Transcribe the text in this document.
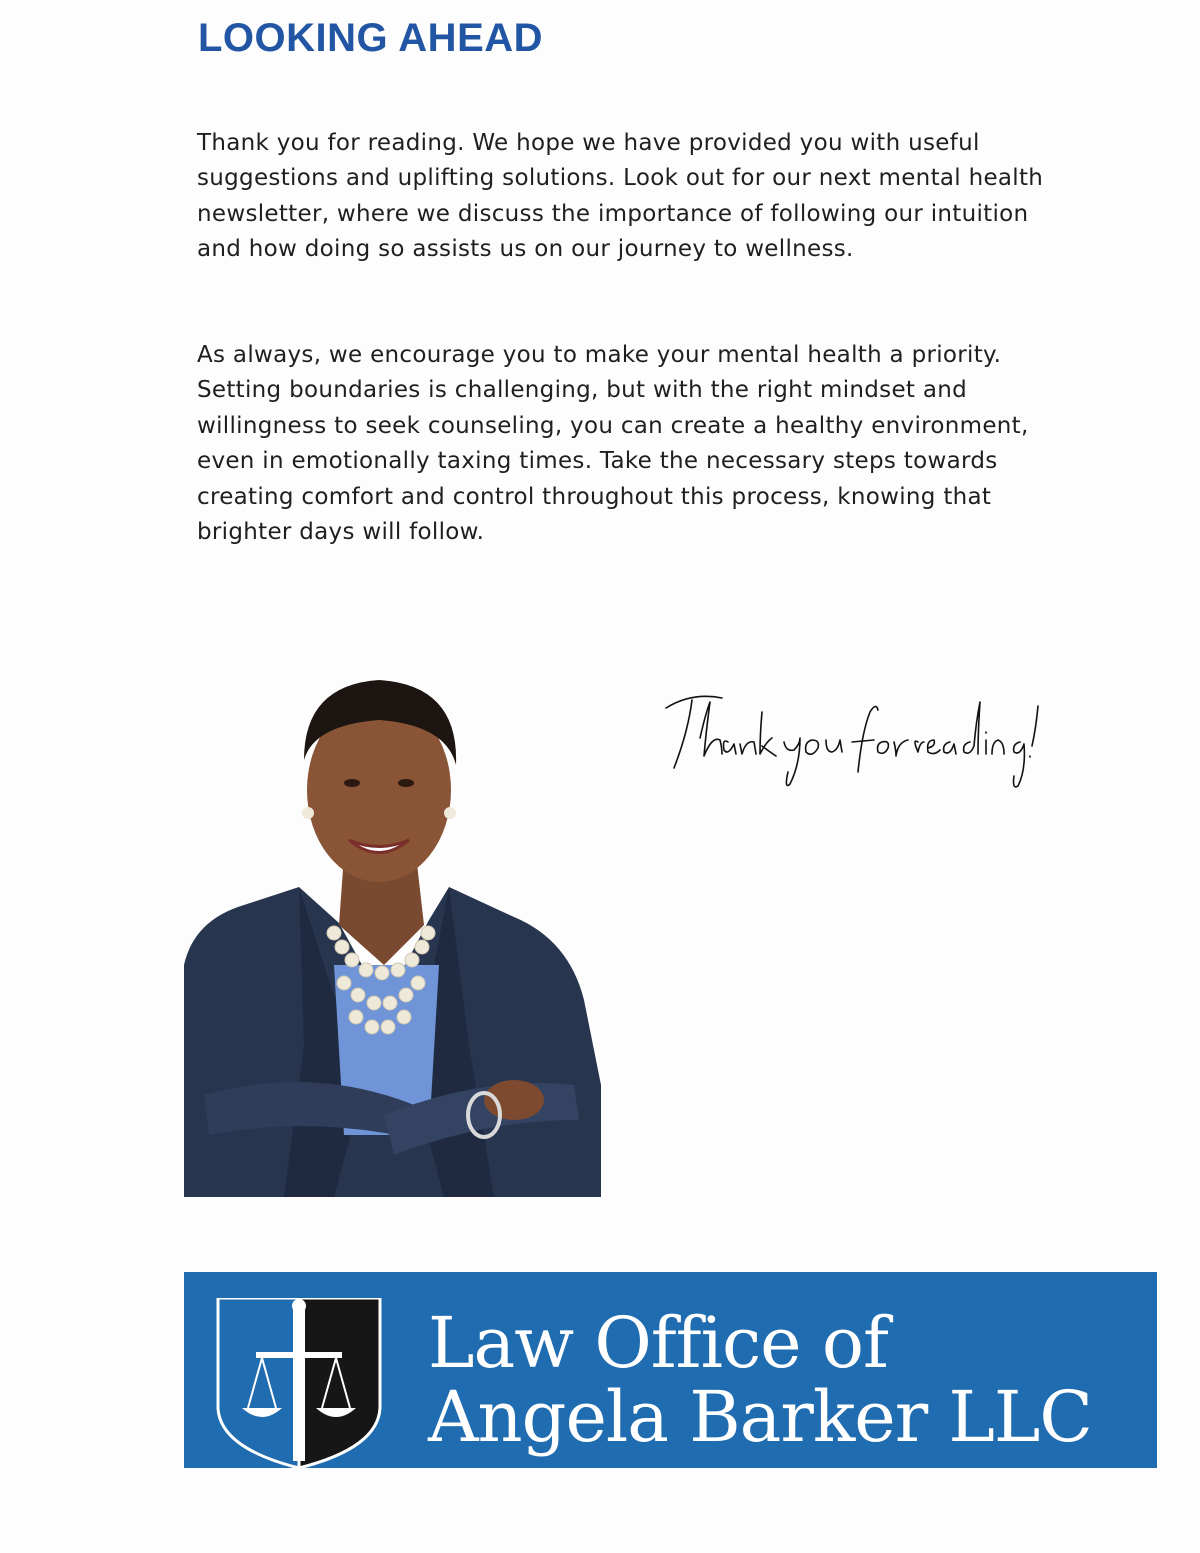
LOOKING AHEAD

Thank you for reading. We hope we have provided you with useful suggestions and uplifting solutions. Look out for our next mental health newsletter, where we discuss the importance of following our intuition and how doing so assists us on our journey to wellness.

As always, we encourage you to make your mental health a priority. Setting boundaries is challenging, but with the right mindset and willingness to seek counseling, you can create a healthy environment, even in emotionally taxing times. Take the necessary steps towards creating comfort and control throughout this process, knowing that brighter days will follow.

Law Office of

Angela Barker LLC
